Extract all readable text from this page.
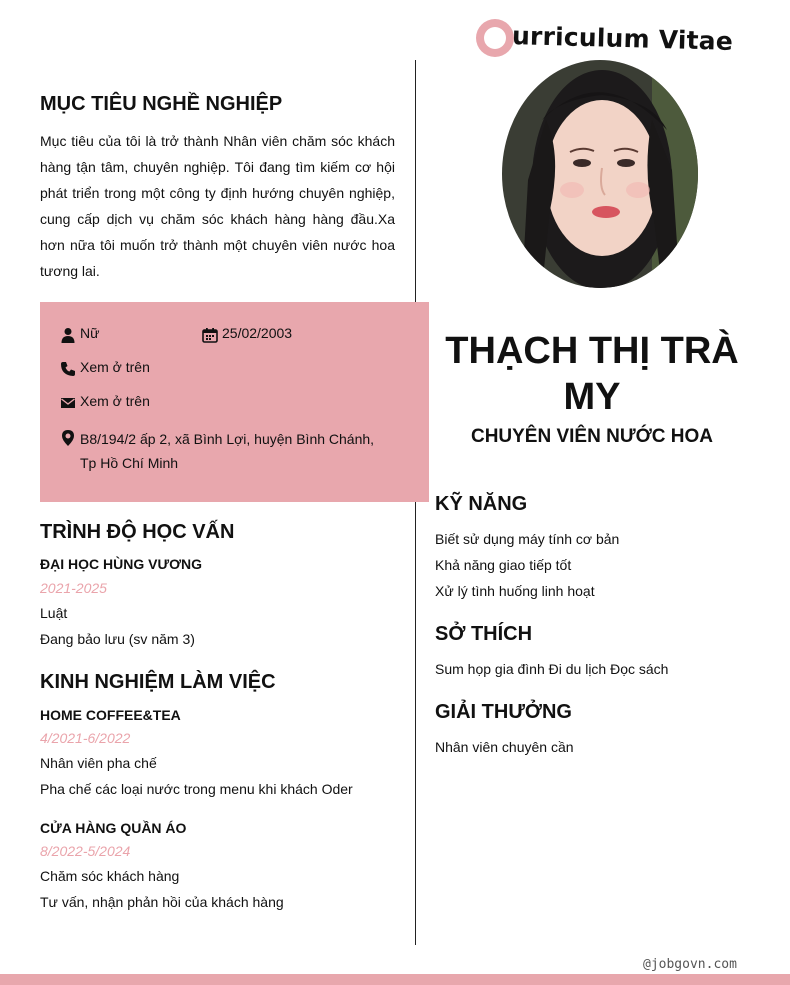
@jobgovn.com
urriculum Vitae
MỤC TIÊU NGHỀ NGHIỆP
Mục tiêu của tôi là trở thành Nhân viên chăm sóc khách hàng tận tâm, chuyên nghiệp. Tôi đang tìm kiếm cơ hội phát triển trong một công ty định hướng chuyên nghiệp, cung cấp dịch vụ chăm sóc khách hàng hàng đầu.Xa hơn nữa tôi muốn trở thành một chuyên viên nước hoa tương lai.
Nữ	25/02/2003
Xem ở trên
Xem ở trên
B8/194/2 ấp 2, xã Bình Lợi, huyện Bình Chánh, Tp Hồ Chí Minh
TRÌNH ĐỘ HỌC VẤN
ĐẠI HỌC HÙNG VƯƠNG
2021-2025
Luật
Đang bảo lưu (sv năm 3)
KINH NGHIỆM LÀM VIỆC
HOME COFFEE&TEA
4/2021-6/2022
Nhân viên pha chế
Pha chế các loại nước trong menu khi khách Oder
CỬA HÀNG QUẦN ÁO
8/2022-5/2024
Chăm sóc khách hàng
Tư vấn, nhận phản hồi của khách hàng
THẠCH THỊ TRÀ MY
CHUYÊN VIÊN NƯỚC HOA
KỸ NĂNG
Biết sử dụng máy tính cơ bản
Khả năng giao tiếp tốt
Xử lý tình huống linh hoạt
SỞ THÍCH
Sum họp gia đình Đi du lịch Đọc sách
GIẢI THƯỞNG
Nhân viên chuyên cần
